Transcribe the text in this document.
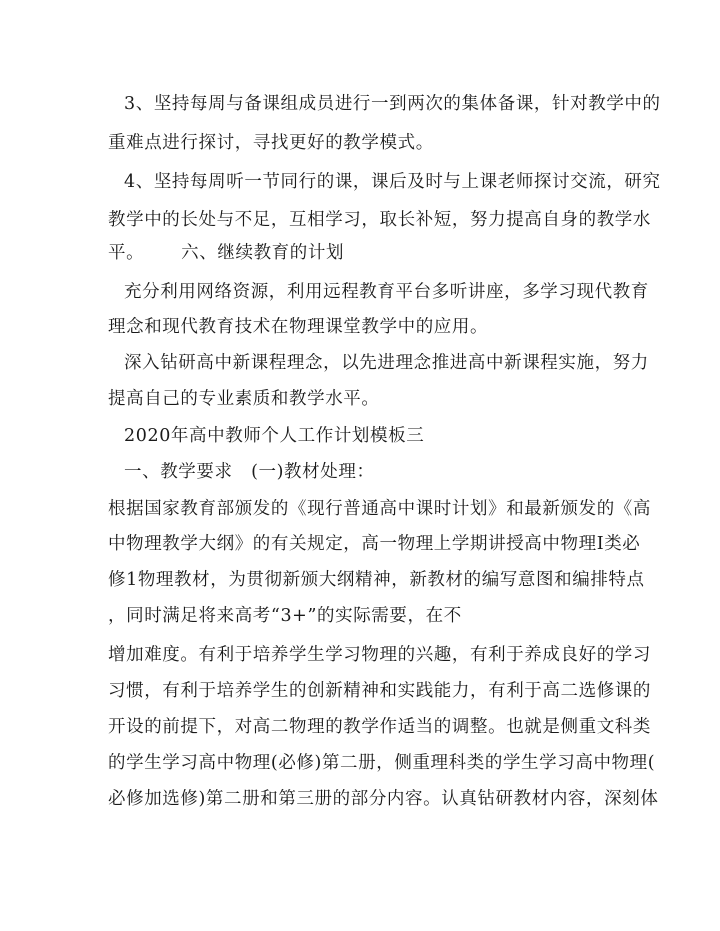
3、坚持每周与备课组成员进行一到两次的集体备课，针对教学中的
重难点进行探讨，寻找更好的教学模式。
4、坚持每周听一节同行的课，课后及时与上课老师探讨交流，研究
教学中的长处与不足，互相学习，取长补短，努力提高自身的教学水
平。      六、继续教育的计划
充分利用网络资源，利用远程教育平台多听讲座，多学习现代教育
理念和现代教育技术在物理课堂教学中的应用。
深入钻研高中新课程理念，以先进理念推进高中新课程实施，努力
提高自己的专业素质和教学水平。
2020年高中教师个人工作计划模板三
一、教学要求   (一)教材处理：
根据国家教育部颁发的《现行普通高中课时计划》和最新颁发的《高
中物理教学大纲》的有关规定，高一物理上学期讲授高中物理Ⅰ类必
修1物理教材，为贯彻新颁大纲精神，新教材的编写意图和编排特点
，同时满足将来高考“3+”的实际需要，在不
增加难度。有利于培养学生学习物理的兴趣，有利于养成良好的学习
习惯，有利于培养学生的创新精神和实践能力，有利于高二选修课的
开设的前提下，对高二物理的教学作适当的调整。也就是侧重文科类
的学生学习高中物理(必修)第二册，侧重理科类的学生学习高中物理(
必修加选修)第二册和第三册的部分内容。认真钻研教材内容，深刻体
